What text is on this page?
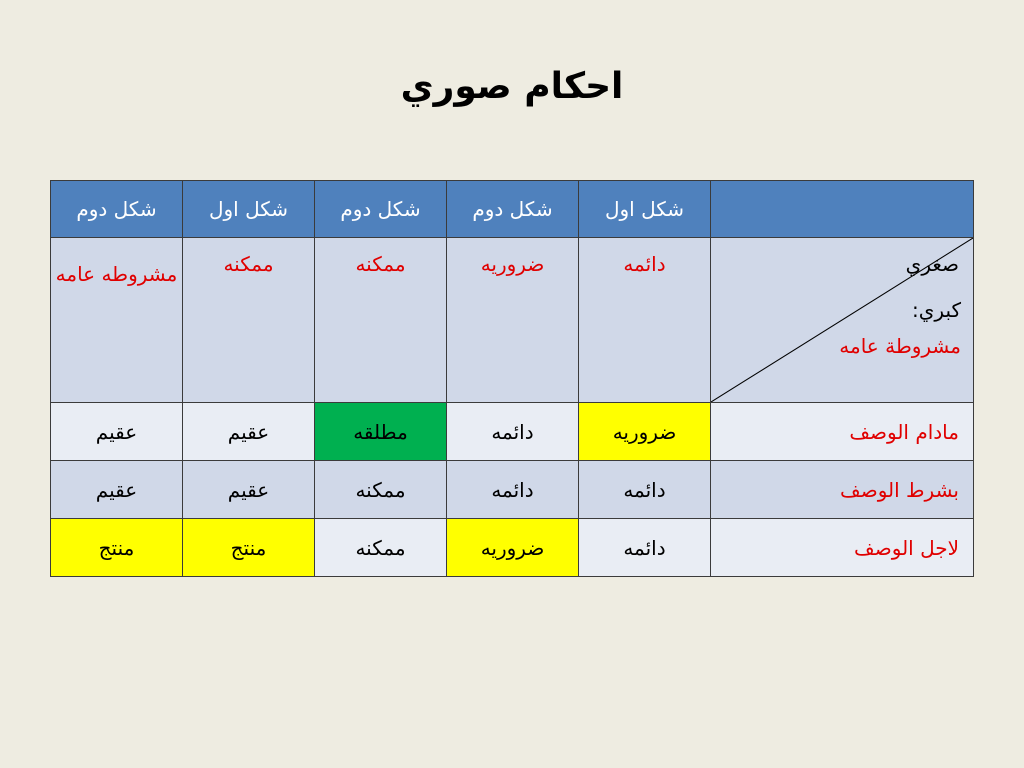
احكام صوري
	شكل اول	شكل دوم	شكل دوم	شكل اول	شكل دوم

صغري
كبري:
مشروطة عامه	دائمه	ضروريه	ممكنه	ممكنه	مشروطه عامه
مادام الوصف	ضروريه	دائمه	مطلقه	عقيم	عقيم
بشرط الوصف	دائمه	دائمه	ممكنه	عقيم	عقيم
لاجل الوصف	دائمه	ضروريه	ممكنه	منتج	منتج
